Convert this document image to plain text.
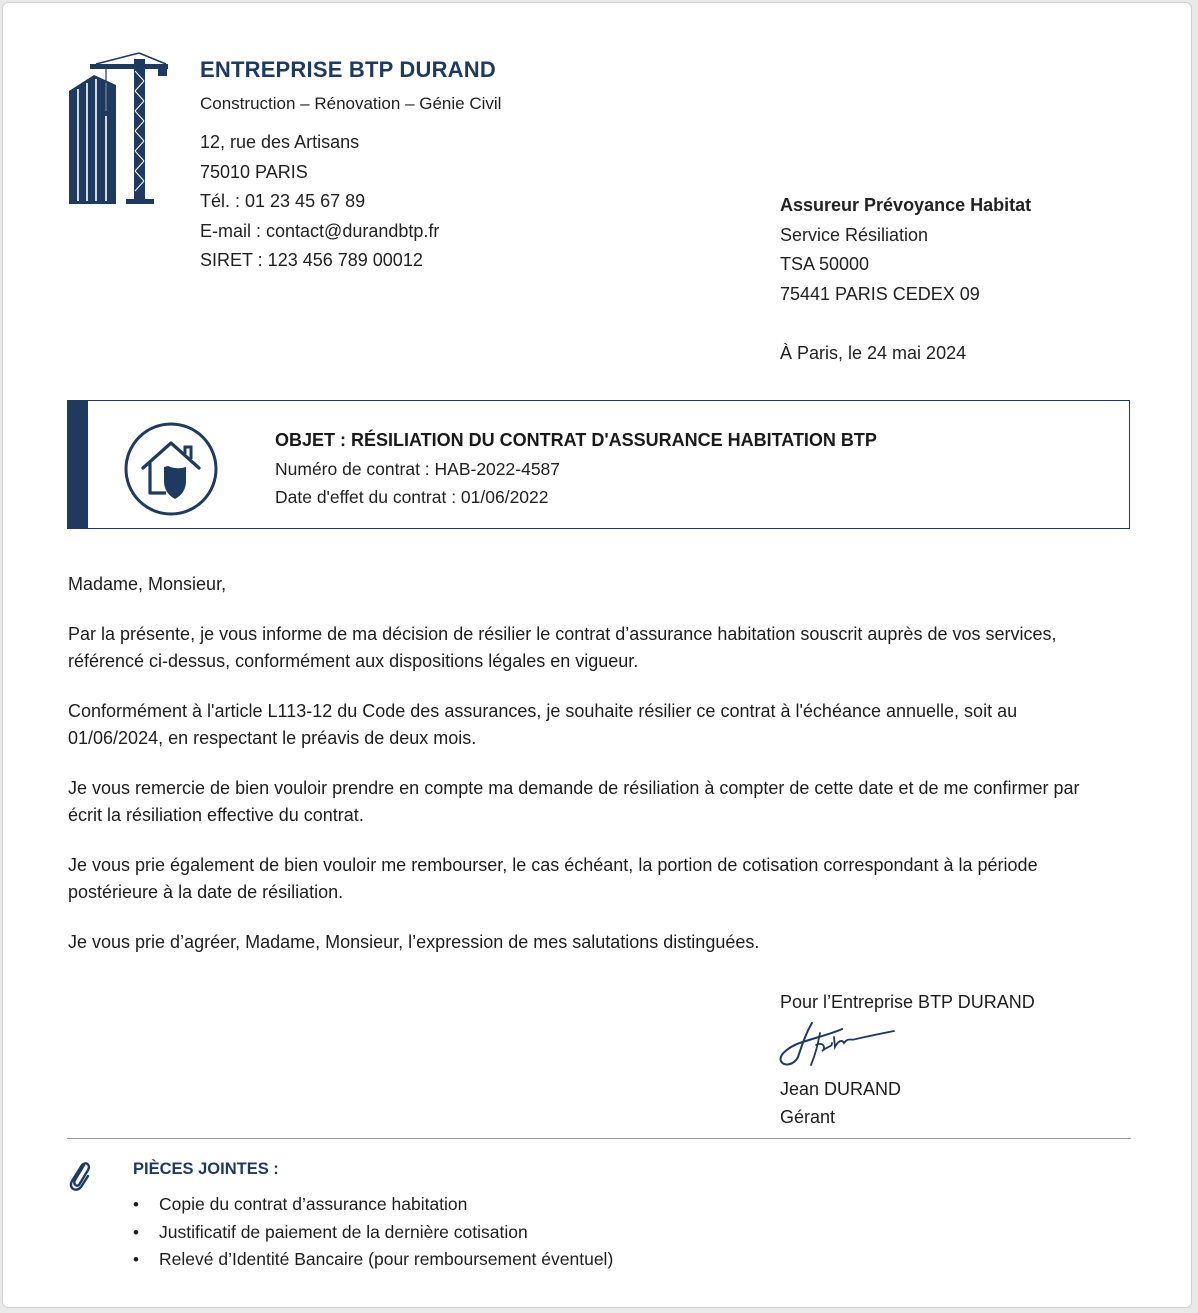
ENTREPRISE BTP DURAND
Construction – Rénovation – Génie Civil
12, rue des Artisans
75010 PARIS
Tél. : 01 23 45 67 89
E-mail : contact@durandbtp.fr
SIRET : 123 456 789 00012
Assureur Prévoyance Habitat
Service Résiliation
TSA 50000
75441 PARIS CEDEX 09
À Paris, le 24 mai 2024
OBJET : RÉSILIATION DU CONTRAT D'ASSURANCE HABITATION BTP
Numéro de contrat : HAB-2022-4587
Date d'effet du contrat : 01/06/2022

Madame, Monsieur,

Par la présente, je vous informe de ma décision de résilier le contrat d’assurance habitation souscrit auprès de vos services, référencé ci-dessus, conformément aux dispositions légales en vigueur.

Conformément à l'article L113-12 du Code des assurances, je souhaite résilier ce contrat à l'échéance annuelle, soit au 01/06/2024, en respectant le préavis de deux mois.

Je vous remercie de bien vouloir prendre en compte ma demande de résiliation à compter de cette date et de me confirmer par écrit la résiliation effective du contrat.

Je vous prie également de bien vouloir me rembourser, le cas échéant, la portion de cotisation correspondant à la période postérieure à la date de résiliation.

Je vous prie d’agréer, Madame, Monsieur, l’expression de mes salutations distinguées.

Pour l’Entreprise BTP DURAND
Jean DURAND
Gérant
PIÈCES JOINTES :
• Copie du contrat d’assurance habitation
• Justificatif de paiement de la dernière cotisation
• Relevé d’Identité Bancaire (pour remboursement éventuel)
